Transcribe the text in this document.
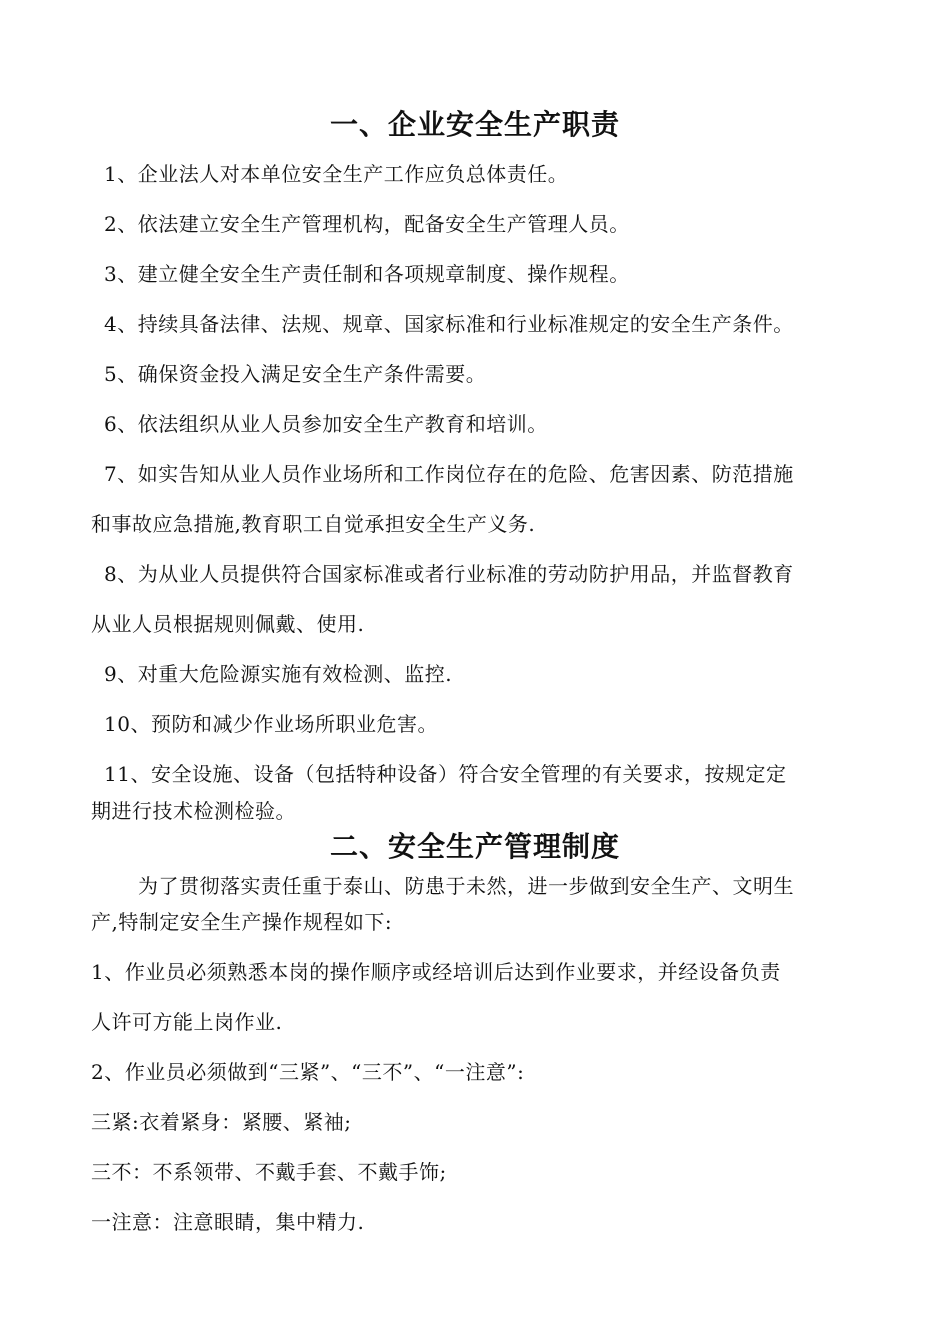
一、企业安全生产职责
1、企业法人对本单位安全生产工作应负总体责任。
2、依法建立安全生产管理机构，配备安全生产管理人员。
3、建立健全安全生产责任制和各项规章制度、操作规程。
4、持续具备法律、法规、规章、国家标准和行业标准规定的安全生产条件。
5、确保资金投入满足安全生产条件需要。
6、依法组织从业人员参加安全生产教育和培训。
7、如实告知从业人员作业场所和工作岗位存在的危险、危害因素、防范措施
和事故应急措施,教育职工自觉承担安全生产义务.
8、为从业人员提供符合国家标准或者行业标准的劳动防护用品，并监督教育
从业人员根据规则佩戴、使用.
9、对重大危险源实施有效检测、监控.
10、预防和减少作业场所职业危害。
11、安全设施、设备（包括特种设备）符合安全管理的有关要求，按规定定
期进行技术检测检验。
二、安全生产管理制度
为了贯彻落实责任重于泰山、防患于未然，进一步做到安全生产、文明生
产,特制定安全生产操作规程如下:
1、作业员必须熟悉本岗的操作顺序或经培训后达到作业要求，并经设备负责
人许可方能上岗作业.
2、作业员必须做到“三紧”、“三不”、“一注意”:
三紧:衣着紧身：紧腰、紧袖;
三不：不系领带、不戴手套、不戴手饰;
一注意：注意眼睛，集中精力.
